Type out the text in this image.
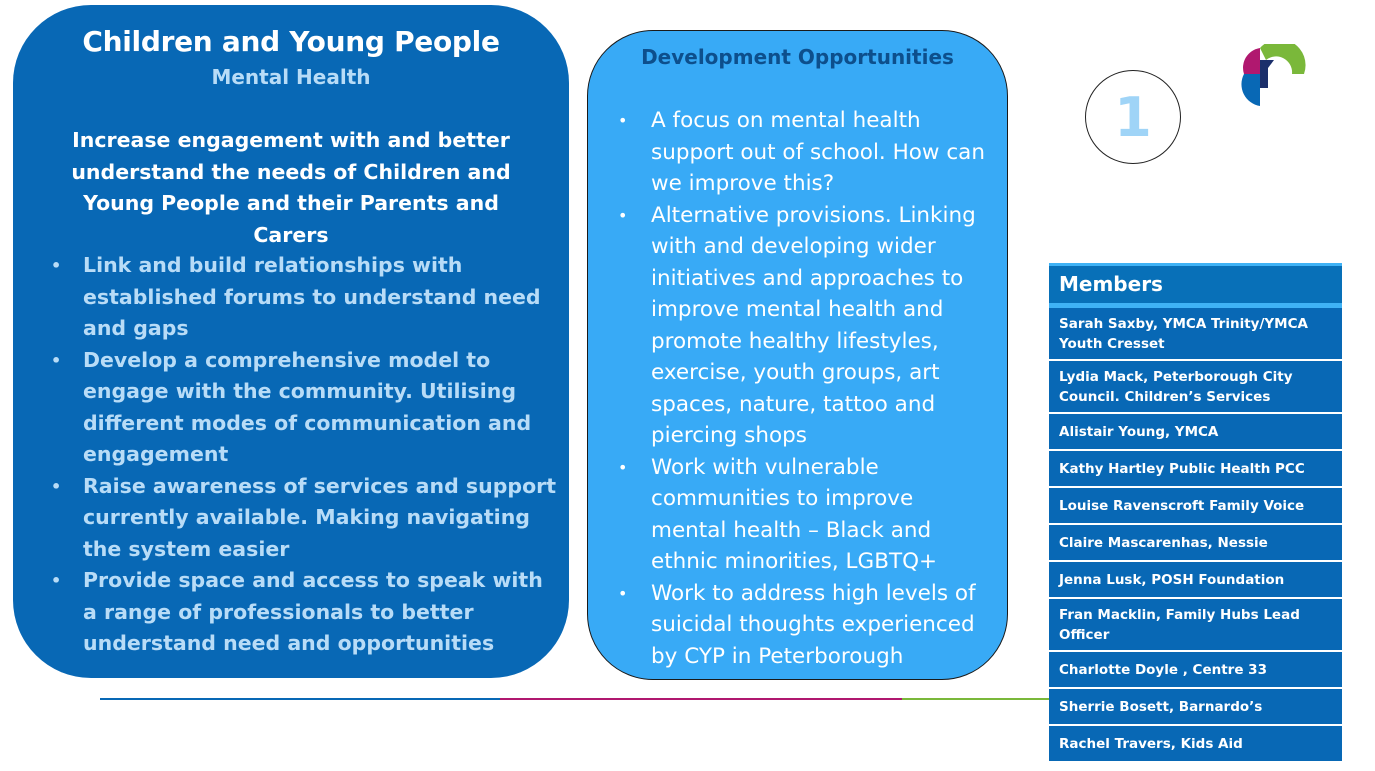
Children and Young People
Mental Health
Increase engagement with and better understand the needs of Children and Young People and their Parents and Carers
• Link and build relationships with established forums to understand need and gaps
• Develop a comprehensive model to engage with the community. Utilising different modes of communication and engagement
• Raise awareness of services and support currently available. Making navigating the system easier
• Provide space and access to speak with a range of professionals to better understand need and opportunities
Development Opportunities
• A focus on mental health support out of school. How can we improve this?
• Alternative provisions. Linking with and developing wider initiatives and approaches to improve mental health and promote healthy lifestyles, exercise, youth groups, art spaces, nature, tattoo and piercing shops
• Work with vulnerable communities to improve mental health – Black and ethnic minorities, LGBTQ+
• Work to address high levels of suicidal thoughts experienced by CYP in Peterborough
1
Members
Sarah Saxby, YMCA Trinity/YMCA Youth Cresset
Lydia Mack, Peterborough City Council. Children’s Services
Alistair Young, YMCA
Kathy Hartley Public Health PCC
Louise Ravenscroft Family Voice
Claire Mascarenhas, Nessie
Jenna Lusk, POSH Foundation
Fran Macklin, Family Hubs Lead Officer
Charlotte Doyle , Centre 33
Sherrie Bosett, Barnardo’s
Rachel Travers, Kids Aid
